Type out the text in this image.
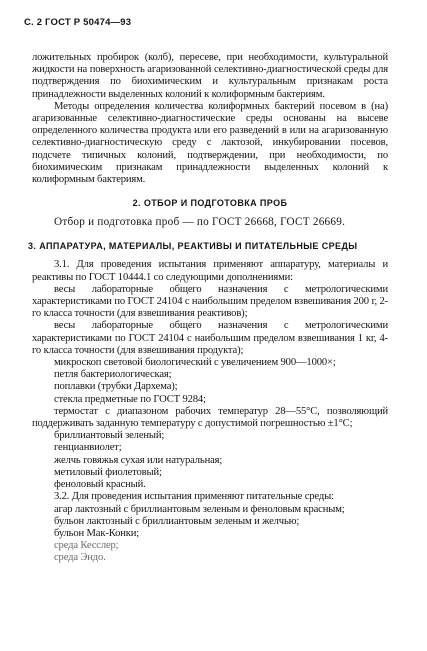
С. 2 ГОСТ Р 50474—93

ложительных пробирок (колб), пересеве, при необходимости, культуральной жидкости на поверхность агаризованной селективно-диагностической среды для подтверждения по биохимическим и культуральным признакам роста принадлежности выделенных колоний к колиформным бактериям.

Методы определения количества колиформных бактерий посевом в (на) агаризованные селективно-диагностические среды основаны на высеве определенного количества продукта или его разведений в или на агаризованную селективно-диагностическую среду с лактозой, инкубировании посевов, подсчете типичных колоний, подтверждении, при необходимости, по биохимическим признакам принадлежности выделенных колоний к колиформным бактериям.

2. ОТБОР И ПОДГОТОВКА ПРОБ

Отбор и подготовка проб — по ГОСТ 26668, ГОСТ 26669.

3. АППАРАТУРА, МАТЕРИАЛЫ, РЕАКТИВЫ И ПИТАТЕЛЬНЫЕ СРЕДЫ

3.1. Для проведения испытания применяют аппаратуру, материалы и реактивы по ГОСТ 10444.1 со следующими дополнениями:

весы лабораторные общего назначения с метрологическими характеристиками по ГОСТ 24104 с наибольшим пределом взвешивания 200 г, 2-го класса точности (для взвешивания реактивов);

весы лабораторные общего назначения с метрологическими характеристиками по ГОСТ 24104 с наибольшим пределом взвешивания 1 кг, 4-го класса точности (для взвешивания продукта);

микроскоп световой биологический с увеличением 900—1000×;

петля бактериологическая;

поплавки (трубки Дархема);

стекла предметные по ГОСТ 9284;

термостат с диапазоном рабочих температур 28—55°С, позволяющий поддерживать заданную температуру с допустимой погрешностью ±1°С;

бриллиантовый зеленый;

генцианвиолет;

желчь говяжья сухая или натуральная;

метиловый фиолетовый;

феноловый красный.

3.2. Для проведения испытания применяют питательные среды:

агар лактозный с бриллиантовым зеленым и феноловым красным;

бульон лактозный с бриллиантовым зеленым и желчью;

бульон Мак-Конки;

среда Кесслер;

среда Эндо.
